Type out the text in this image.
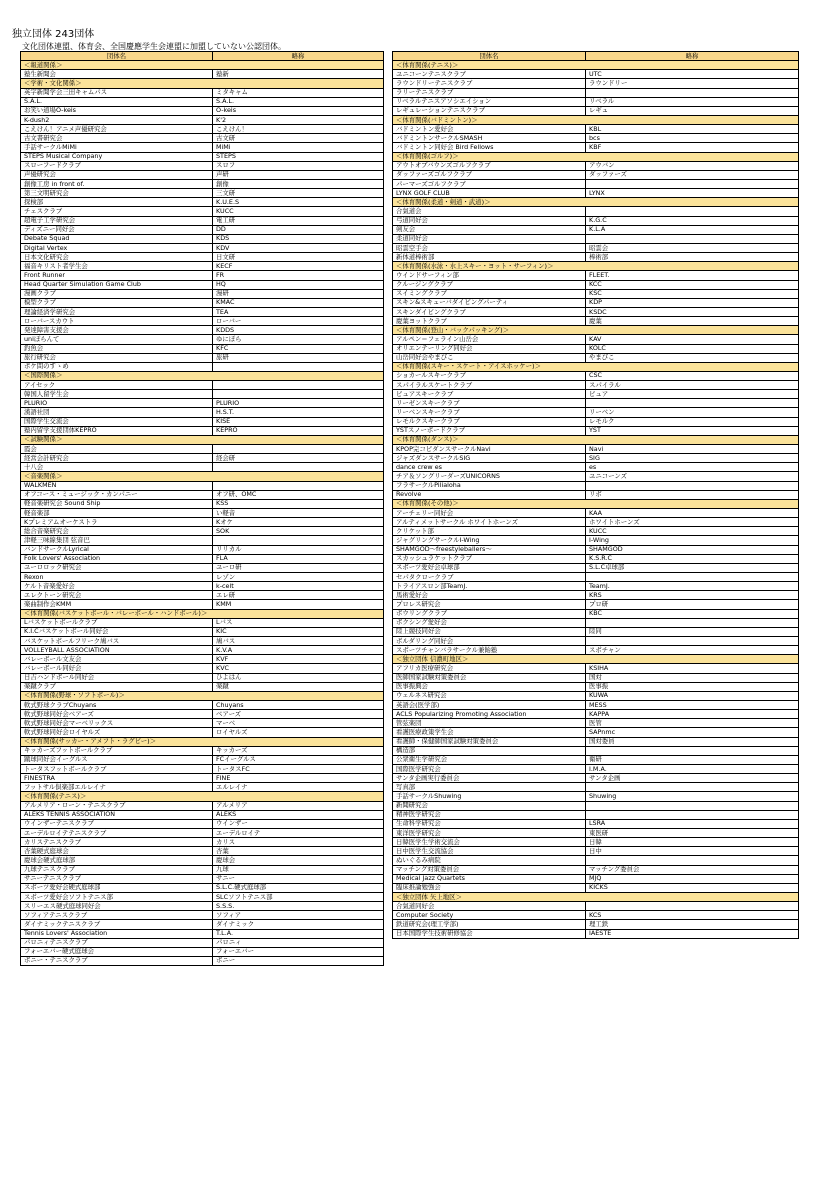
独立団体 243団体
文化団体連盟、体育会、全国慶應学生会連盟に加盟していない公認団体。
団体名	略称
＜報道関係＞	
塾生新聞会	塾新
＜学術・文化関係＞	
英字新聞学会三田キャムパス	ミタキャム
S.A.L.	S.A.L.
お笑い道場O-keis	O-keis
K-dush2	K'2
こえけん！アニメ声優研究会	こえけん！
古文書研究会	古文研
手話サークルMiMi	MiMi
STEPS Musical Company	STEPS
スローフードクラブ	スロフ
声優研究会	声研
創像工房 in front of.	創像
第三文明研究会	三文研
探検部	K.U.E.S
チェスクラブ	KUCC
超電子工学研究会	電工研
ディズニー同好会	DD
Debate Squad	KDS
Digital Vertex	KDV
日本文化研究会	日文研
福音キリスト者学生会	KECF
Front Runner	FR
Head Quarter Simulation Game Club	HQ
漫画クラブ	漫研
模型クラブ	KMAC
理論経済学研究会	TEA
ローバースカウト	ローバー
発達障害支援会	KDDS
uniぽらんて	ゆにぽら
釣魚会	KFC
旅行研究会	旅研
ポケ問のすゝめ	
＜国際関係＞	
アイセック	
韓国人留学生会	
PLURIO	PLURIO
漢語社団	H.S.T.
国際学生交流会	KISE
塾内留学支援団体KEPRO	KEPRO
＜試験関係＞	
霞会	
経営会計研究会	経会研
十八会	
＜音楽関係＞	
WALKMEN	
オフコース・ミュージック・カンパニー	オフ研、OMC
軽音楽研究会 Sound Ship	KSS
軽音楽部	い軽音
Kプレミアムオーケストラ	Kオケ
総合音楽研究会	SOK
津軽三味線集団 弦音巴	
バンドサークルLyrical	リリカル
Folk Lovers' Association	FLA
ユーロロック研究会	ユーロ研
Rexon	レゾン
ケルト音楽愛好会	k-celt
エレクトーン研究会	エレ研
楽曲制作会KMM	KMM
＜体育関係(バスケットボール・バレーボール・ハンドボール)＞	
Lバスケットボールクラブ	Lバス
K.I.Cバスケットボール同好会	KIC
バスケットボールフリーク鳩バス	鳩バス
VOLLEYBALL ASSOCIATION	K.V.A
バレーボール文友会	KVF
バレーボール同好会	KVC
日吉ハンドボール同好会	ひよはん
楽蹴クラブ	楽蹴
＜体育関係(野球・ソフトボール)＞	
軟式野球クラブChuyans	Chuyans
軟式野球同好会ベアーズ	ベアーズ
軟式野球同好会マーベリックス	マーベ
軟式野球同好会ロイヤルズ	ロイヤルズ
＜体育関係(サッカー・アメフト・ラグビー)＞	
キッカーズフットボールクラブ	キッカーズ
蹴球同好会イーグルス	FCイーグルス
トータスフットボールクラブ	トータスFC
FINESTRA	FINE
フットサル倶楽部エルレイナ	エルレイナ
＜体育関係(テニス)＞	
アルメリア・ローン・テニスクラブ	アルメリア
ALEKS TENNIS ASSOCIATION	ALEKS
ウインザーテニスクラブ	ウインザー
エーデルロイテテニスクラブ	エーデルロイテ
カリステニスクラブ	カリス
杏葉硬式庭球会	杏葉
慶球会硬式庭球部	慶球会
九球テニスクラブ	九球
サニーテニスクラブ	サニー
スポーツ愛好会硬式庭球部	S.L.C.硬式庭球部
スポーツ愛好会ソフトテニス部	SLCソフトテニス部
スリーエス硬式庭球同好会	S.S.S.
ソフィアテニスクラブ	ソフィア
ダイナミックテニスクラブ	ダイナミック
Tennis Lovers' Association	T.L.A.
パロニィテニスクラブ	パロニィ
フォーエバー硬式庭球会	フォーエバー
ボニー・テニスクラブ	ボニー
団体名	略称
＜体育関係(テニス)＞	
ユニコーンテニスクラブ	UTC
ラウンドリーテニスクラブ	ラウンドリー
ラリーテニスクラブ	
リベラルテニスアソシエイション	リベラル
レギュレーションテニスクラブ	レギュ
＜体育関係(バドミントン)＞	
バドミントン愛好会	KBL
バドミントンサークルSMASH	bcs
バドミントン同好会 Bird Fellows	KBF
＜体育関係(ゴルフ)＞	
アウトオブバウンズゴルフクラブ	アウバン
ダッファーズゴルフクラブ	ダッファーズ
パーマーズゴルフクラブ	
LYNX GOLF CLUB	LYNX
＜体育関係(柔道・剣道・武道)＞	
合氣道会	
弓道同好会	K.G.C
剣友会	K.L.A
柔道同好会	
昭雲空手会	昭雲会
新体道棒術部	棒術部
＜体育関係(水泳・水上スキー・ヨット・サーフィン)＞	
ウインドサーフィン部	FLEET.
クルージングクラブ	KCC
スイミングクラブ	KSC
スキン&スキューバダイビングパーティ	KDP
スキンダイビングクラブ	KSDC
慶葉ヨットクラブ	慶葉
＜体育関係(登山・バックパッキング)＞	
アルペン＝フェライン山岳会	KAV
オリエンテーリング同好会	KOLC
山岳同好会やまびこ	やまびこ
＜体育関係(スキー・スケート・アイスホッケー)＞	
ショカールスキークラブ	CSC
スパイラルスケートクラブ	スパイラル
ピュアスキークラブ	ピュア
リーゼンスキークラブ	
リーベンスキークラブ	リーベン
レモルクスキークラブ	レモルク
YSTスノーボードクラブ	YST
＜体育関係(ダンス)＞	
KPOP完コピダンスサークルNavi	Navi
ジャズダンスサークルSIG	SIG
dance crew es	es
チア＆ソングリーダーズUNICORNS	ユニコーンズ
フラサークルPilialoha	
Revolve	リボ
＜体育関係(その他)＞	
アーチェリー同好会	KAA
アルティメットサークル ホワイトホーンズ	ホワイトホーンズ
クリケット部	KUCC
ジャグリングサークルI-Wing	I-Wing
SHAMGOD〜freestyleballers〜	SHAMGOD
スカッシュラケットクラブ	K.S.R.C
スポーツ愛好会卓球部	S.L.C卓球部
セパタクロークラブ	
トライアスロン部TeamJ.	TeamJ.
馬術愛好会	KRS
プロレス研究会	プロ研
ボウリングクラブ	KBC
ボクシング愛好会	
陸上競技同好会	陸同
ボルダリング同好会	
スポーツチャンバラサークル兼飴塾	スポチャン
＜独立団体 信濃町地区＞	
アフリカ医療研究会	KSIHA
医師国家試験対策委員会	国対
医事振興会	医事振
ウェルネス研究会	KUWA
英語会(医学部)	MESS
ACLS Popularizing Promoting Association	KAPPA
管弦楽団	医管
看護医療政策学生会	SAPnmc
看護師・保健師国家試験対策委員会	国対委員
構造部	
公衆衛生学研究会	衛研
国際医学研究会	I.M.A.
サンタ企画実行委員会	サンタ企画
写真部	
手話サークルShuwing	Shuwing
新聞研究会	
精神医学研究会	
生命科学研究会	LSRA
東洋医学研究会	東医研
日韓医学生学術交流会	日韓
日中医学生交流協会	日中
ぬいぐるみ病院	
マッチング対策委員会	マッチング委員会
Medical Jazz Quartets	MJQ
臨床推論勉強会	KICKS
＜独立団体 矢上地区＞	
合氣道同好会	
Computer Society	KCS
鉄道研究会(理工学部)	理工鉄
日本国際学生技術研修協会	IAESTE
